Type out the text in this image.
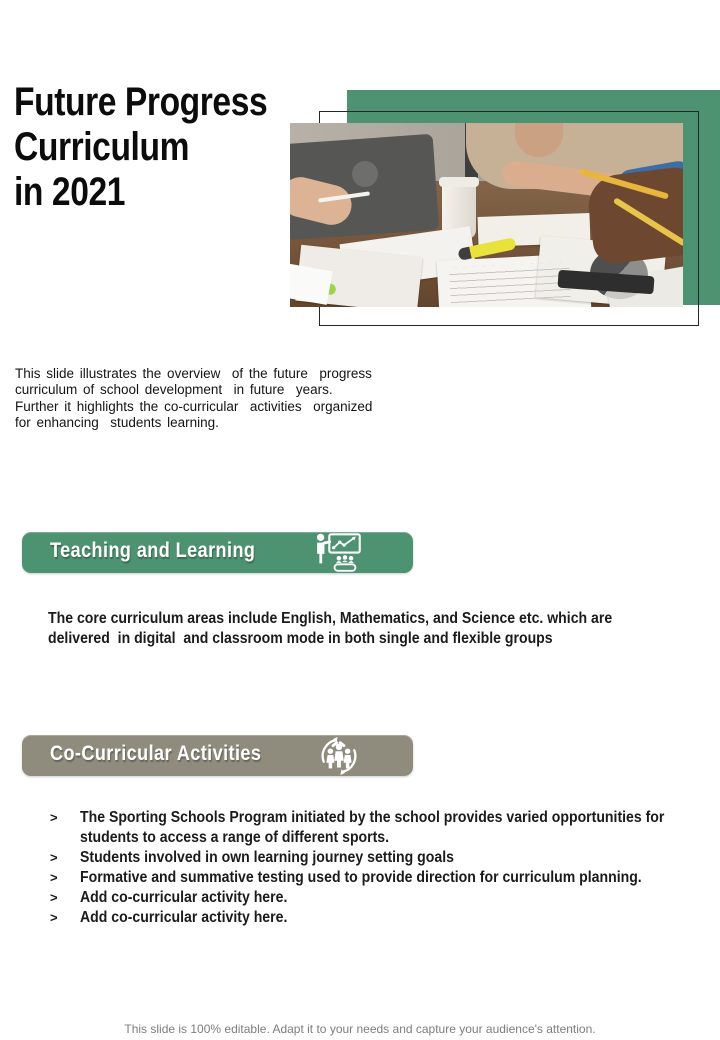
Future Progress
Curriculum
in 2021
This slide illustrates the overview  of the future  progress
curriculum of school development  in future  years.
Further it highlights the co-curricular  activities  organized
for enhancing  students learning.
Teaching and Learning
The core curriculum areas include English, Mathematics, and Science etc. which are
delivered  in digital  and classroom mode in both single and flexible groups
Co-Curricular Activities
>	The Sporting Schools Program initiated by the school provides varied opportunities for
students to access a range of different sports.
>	Students involved in own learning journey setting goals
>	Formative and summative testing used to provide direction for curriculum planning.
>	Add co-curricular activity here.
>	Add co-curricular activity here.
This slide is 100% editable. Adapt it to your needs and capture your audience's attention.
